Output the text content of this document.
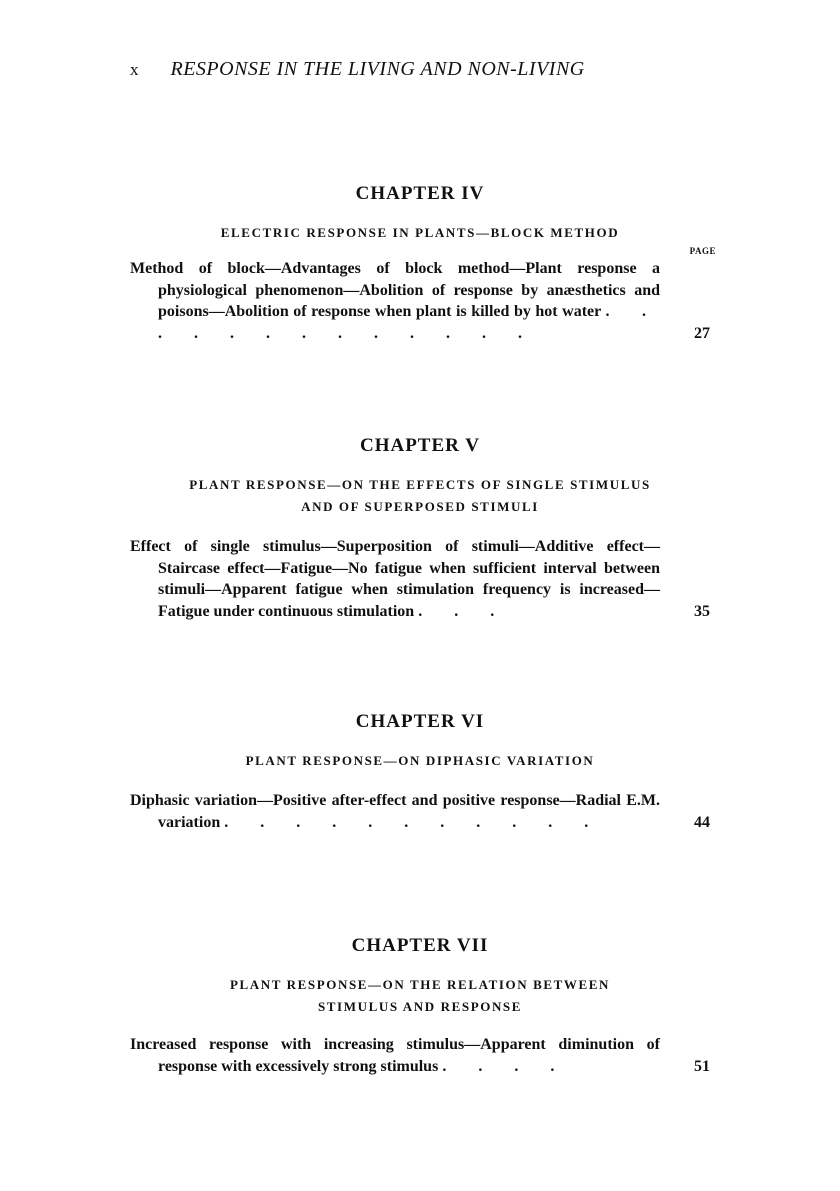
x RESPONSE IN THE LIVING AND NON-LIVING
CHAPTER IV

ELECTRIC RESPONSE IN PLANTS—BLOCK METHOD

PAGE
Method of block—Advantages of block method—Plant response a physiological phenomenon—Abolition of response by anæsthetics and poisons—Abolition of response when plant is killed by hot water . . . . . . . . . . . . .	27
CHAPTER V

PLANT RESPONSE—ON THE EFFECTS OF SINGLE STIMULUS
AND OF SUPERPOSED STIMULI

Effect of single stimulus—Superposition of stimuli—Additive effect—Staircase effect—Fatigue—No fatigue when sufficient interval between stimuli—Apparent fatigue when stimulation frequency is increased—Fatigue under continuous stimulation . . .	35
CHAPTER VI

PLANT RESPONSE—ON DIPHASIC VARIATION

Diphasic variation—Positive after-effect and positive response—Radial E.M. variation . . . . . . . . . . .	44
CHAPTER VII

PLANT RESPONSE—ON THE RELATION BETWEEN
STIMULUS AND RESPONSE

Increased response with increasing stimulus—Apparent diminution of response with excessively strong stimulus . . . .	51
